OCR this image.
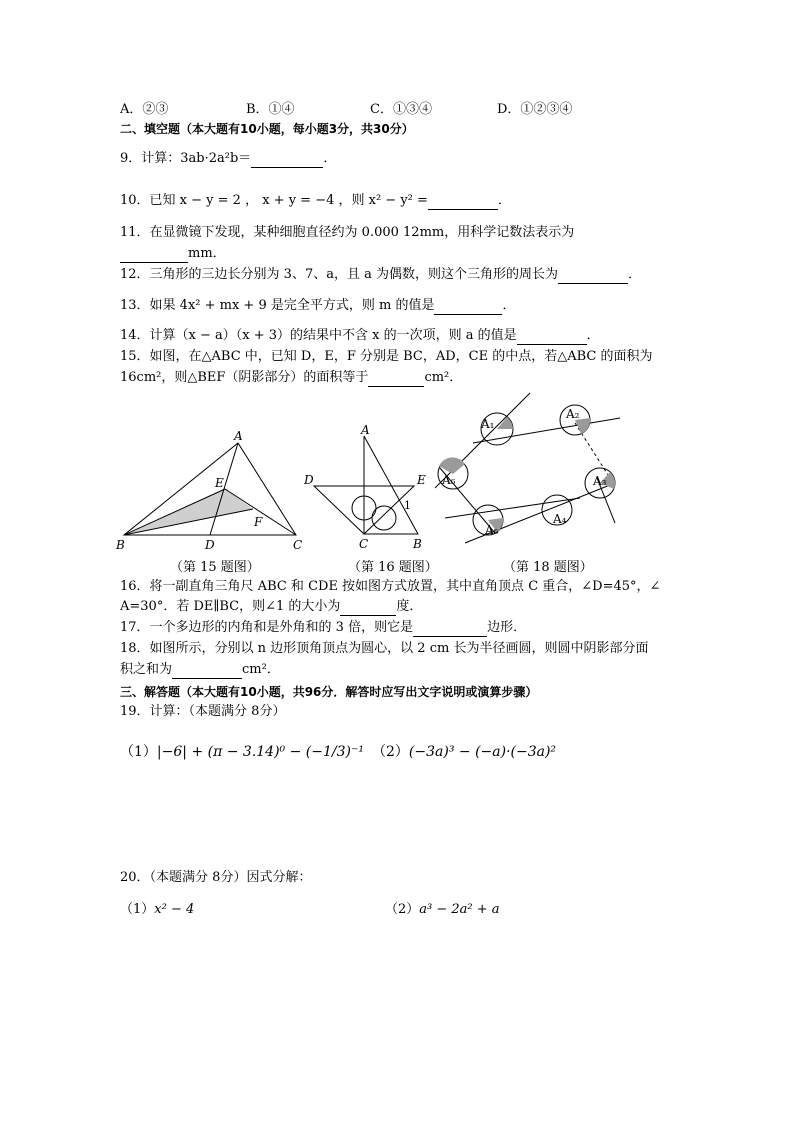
A．②③	B．①④	C．①③④	D．①②③④
二、填空题（本大题有10小题，每小题3分，共30分）
9．计算：3ab·2a²b＝	．
10．已知 x − y = 2 ， x + y = −4 ，则 x² − y² =	．
11．在显微镜下发现，某种细胞直径约为 0.000 12mm，用科学记数法表示为
mm．
12．三角形的三边长分别为 3、7、a，且 a 为偶数，则这个三角形的周长为	．
13．如果 4x² + mx + 9 是完全平方式，则 m 的值是	．
14．计算（x − a）（x + 3）的结果中不含 x 的一次项，则 a 的值是	．
15．如图，在△ABC 中，已知 D，E，F 分别是 BC，AD，CE 的中点，若△ABC 的面积为
16cm²，则△BEF（阴影部分）的面积等于	cm²．
A
B	C
D
E
F
（第 15 题图）
A
B
C
D	E
1
（第 16 题图）
A₁
A₂
A₃
A₄
A₅
A₆
（第 18 题图）
16．将一副直角三角尺 ABC 和 CDE 按如图方式放置，其中直角顶点 C 重合，∠D=45°，∠
A=30°．若 DE∥BC，则∠1 的大小为	度．
17．一个多边形的内角和是外角和的 3 倍，则它是	边形．
18．如图所示，分别以 n 边形顶角顶点为圆心，以 2 cm 长为半径画圆，则圆中阴影部分面
积之和为	cm²．
三、解答题（本大题有10小题，共96分．解答时应写出文字说明或演算步骤）
19．计算：（本题满分 8分）
（1）|−6| + (π − 3.14)⁰ − (−1/3)⁻¹ （2）(−3a)³ − (−a)·(−3a)²
20．（本题满分 8分）因式分解：
（1）x² − 4	（2）a³ − 2a² + a
